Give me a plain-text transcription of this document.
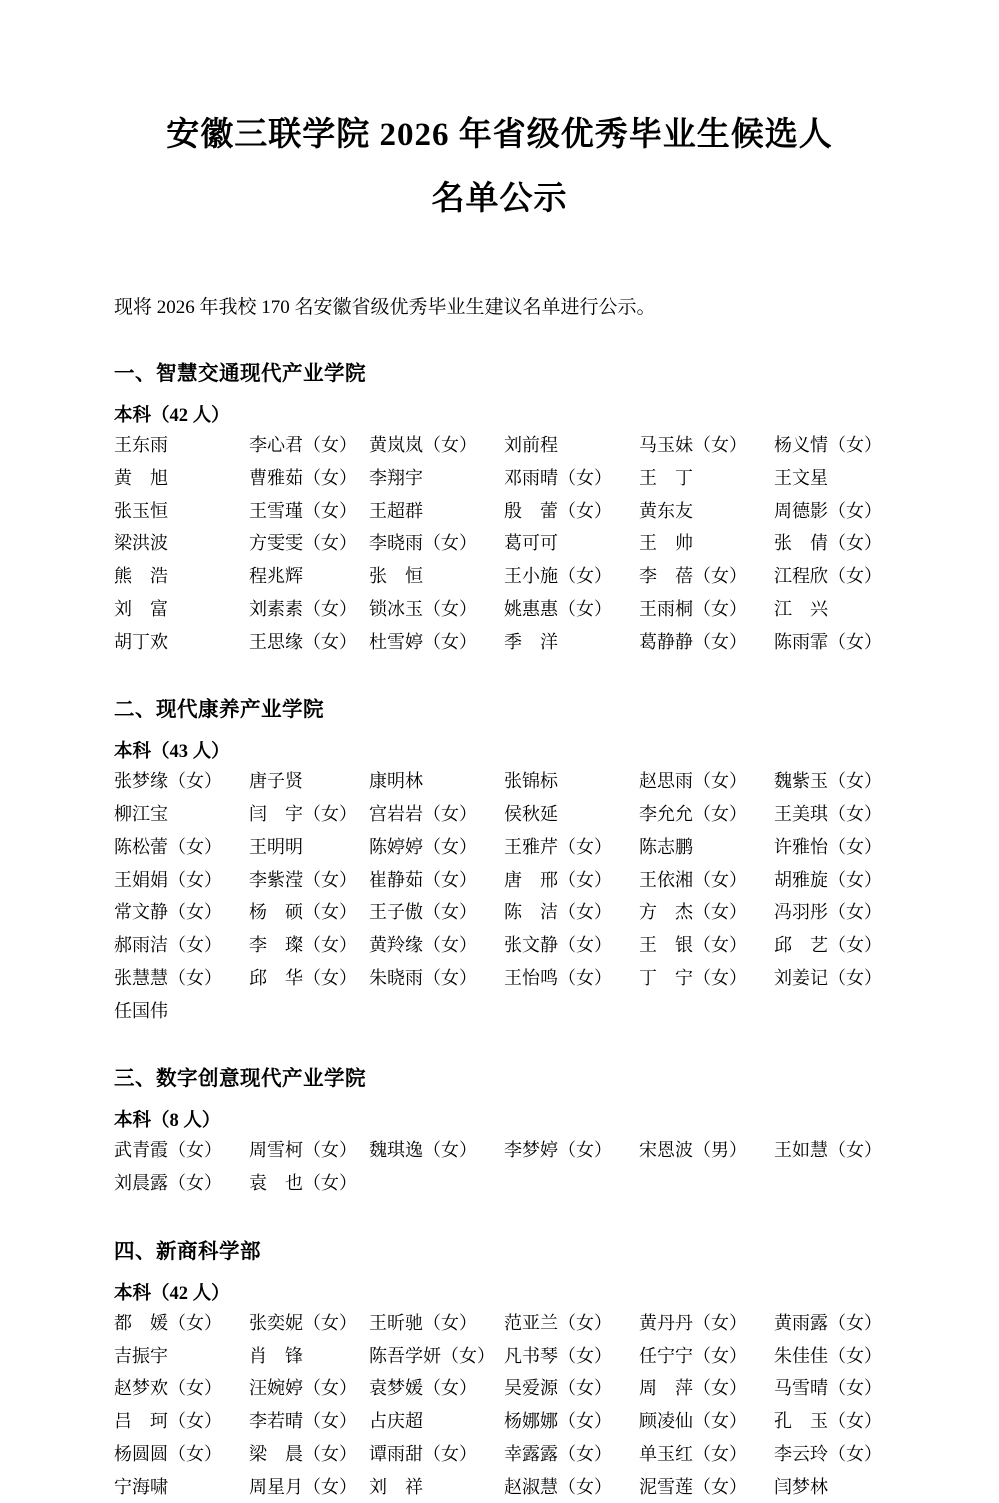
安徽三联学院 2026 年省级优秀毕业生候选人
名单公示

现将 2026 年我校 170 名安徽省级优秀毕业生建议名单进行公示。

一、智慧交通现代产业学院
本科（42 人）
王东雨	李心君（女） 黄岚岚（女）	刘前程	马玉妹（女）	杨义情（女）
黄　旭	曹雅茹（女） 李翔宇	邓雨晴（女）	王　丁	王文星
张玉恒	王雪瑾（女） 王超群	殷　蕾（女）	黄东友	周德影（女）
梁洪波	方雯雯（女） 李晓雨（女）	葛可可	王　帅	张　倩（女）
熊　浩	程兆辉	张　恒	王小施（女）	李　蓓（女）	江程欣（女）
刘　富	刘素素（女） 锁冰玉（女）	姚惠惠（女）	王雨桐（女）	江　兴
胡丁欢	王思缘（女） 杜雪婷（女）	季　洋	葛静静（女）	陈雨霏（女）
二、现代康养产业学院
本科（43 人）
张梦缘（女）	唐子贤	康明林	张锦标	赵思雨（女）	魏紫玉（女）
柳江宝	闫　宇（女） 宫岩岩（女）	侯秋延	李允允（女）	王美琪（女）
陈松蕾（女）	王明明	陈婷婷（女）	王雅芹（女）	陈志鹏	许雅怡（女）
王娟娟（女）	李紫滢（女） 崔静茹（女）	唐　邢（女）	王依湘（女）	胡雅旋（女）
常文静（女）	杨　硕（女） 王子傲（女）	陈　洁（女）	方　杰（女）	冯羽彤（女）
郝雨洁（女）	李　璨（女） 黄羚缘（女）	张文静（女）	王　银（女）	邱　艺（女）
张慧慧（女）	邱　华（女） 朱晓雨（女）	王怡鸣（女）	丁　宁（女）	刘姜记（女）
任国伟
三、数字创意现代产业学院
本科（8 人）
武青霞（女）	周雪柯（女） 魏琪逸（女）	李梦婷（女）	宋恩波（男）	王如慧（女）
刘晨露（女）	袁　也（女）
四、新商科学部
本科（42 人）
都　媛（女）	张奕妮（女） 王昕驰（女）	范亚兰（女）	黄丹丹（女）	黄雨露（女）
吉振宇	肖　锋	陈吾学妍（女） 凡书琴（女）	任宁宁（女）	朱佳佳（女）
赵梦欢（女）	汪婉婷（女） 袁梦媛（女）	吴爱源（女）	周　萍（女）	马雪晴（女）
吕　珂（女）	李若晴（女） 占庆超	杨娜娜（女）	顾凌仙（女）	孔　玉（女）
杨圆圆（女）	梁　晨（女） 谭雨甜（女）	幸露露（女）	单玉红（女）	李云玲（女）
宁海啸	周星月（女） 刘　祥	赵淑慧（女）	泥雪莲（女）	闫梦林
